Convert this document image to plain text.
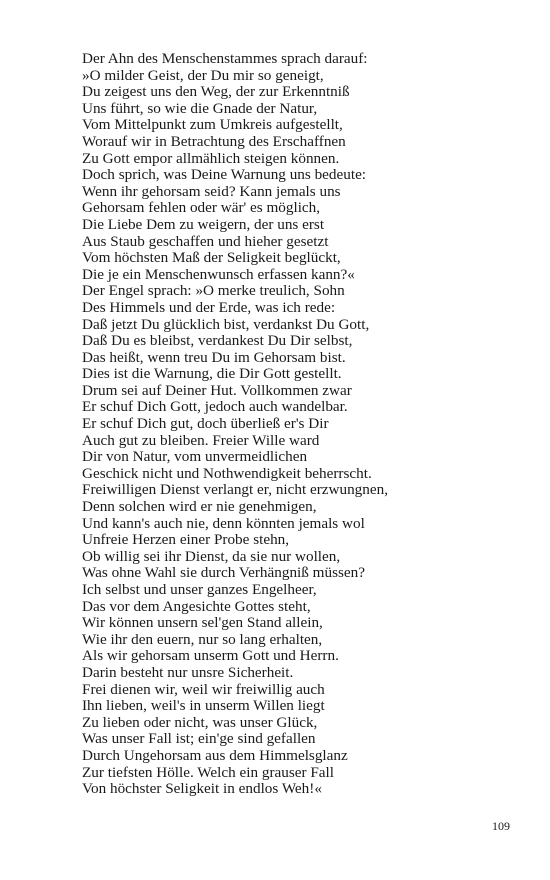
Der Ahn des Menschenstammes sprach darauf:
»O milder Geist, der Du mir so geneigt,
Du zeigest uns den Weg, der zur Erkenntniß
Uns führt, so wie die Gnade der Natur,
Vom Mittelpunkt zum Umkreis aufgestellt,
Worauf wir in Betrachtung des Erschaffnen
Zu Gott empor allmählich steigen können.
Doch sprich, was Deine Warnung uns bedeute:
Wenn ihr gehorsam seid? Kann jemals uns
Gehorsam fehlen oder wär' es möglich,
Die Liebe Dem zu weigern, der uns erst
Aus Staub geschaffen und hieher gesetzt
Vom höchsten Maß der Seligkeit beglückt,
Die je ein Menschenwunsch erfassen kann?«
Der Engel sprach: »O merke treulich, Sohn
Des Himmels und der Erde, was ich rede:
Daß jetzt Du glücklich bist, verdankst Du Gott,
Daß Du es bleibst, verdankest Du Dir selbst,
Das heißt, wenn treu Du im Gehorsam bist.
Dies ist die Warnung, die Dir Gott gestellt.
Drum sei auf Deiner Hut. Vollkommen zwar
Er schuf Dich Gott, jedoch auch wandelbar.
Er schuf Dich gut, doch überließ er's Dir
Auch gut zu bleiben. Freier Wille ward
Dir von Natur, vom unvermeidlichen
Geschick nicht und Nothwendigkeit beherrscht.
Freiwilligen Dienst verlangt er, nicht erzwungnen,
Denn solchen wird er nie genehmigen,
Und kann's auch nie, denn könnten jemals wol
Unfreie Herzen einer Probe stehn,
Ob willig sei ihr Dienst, da sie nur wollen,
Was ohne Wahl sie durch Verhängniß müssen?
Ich selbst und unser ganzes Engelheer,
Das vor dem Angesichte Gottes steht,
Wir können unsern sel'gen Stand allein,
Wie ihr den euern, nur so lang erhalten,
Als wir gehorsam unserm Gott und Herrn.
Darin besteht nur unsre Sicherheit.
Frei dienen wir, weil wir freiwillig auch
Ihn lieben, weil's in unserm Willen liegt
Zu lieben oder nicht, was unser Glück,
Was unser Fall ist; ein'ge sind gefallen
Durch Ungehorsam aus dem Himmelsglanz
Zur tiefsten Hölle. Welch ein grauser Fall
Von höchster Seligkeit in endlos Weh!«
109
